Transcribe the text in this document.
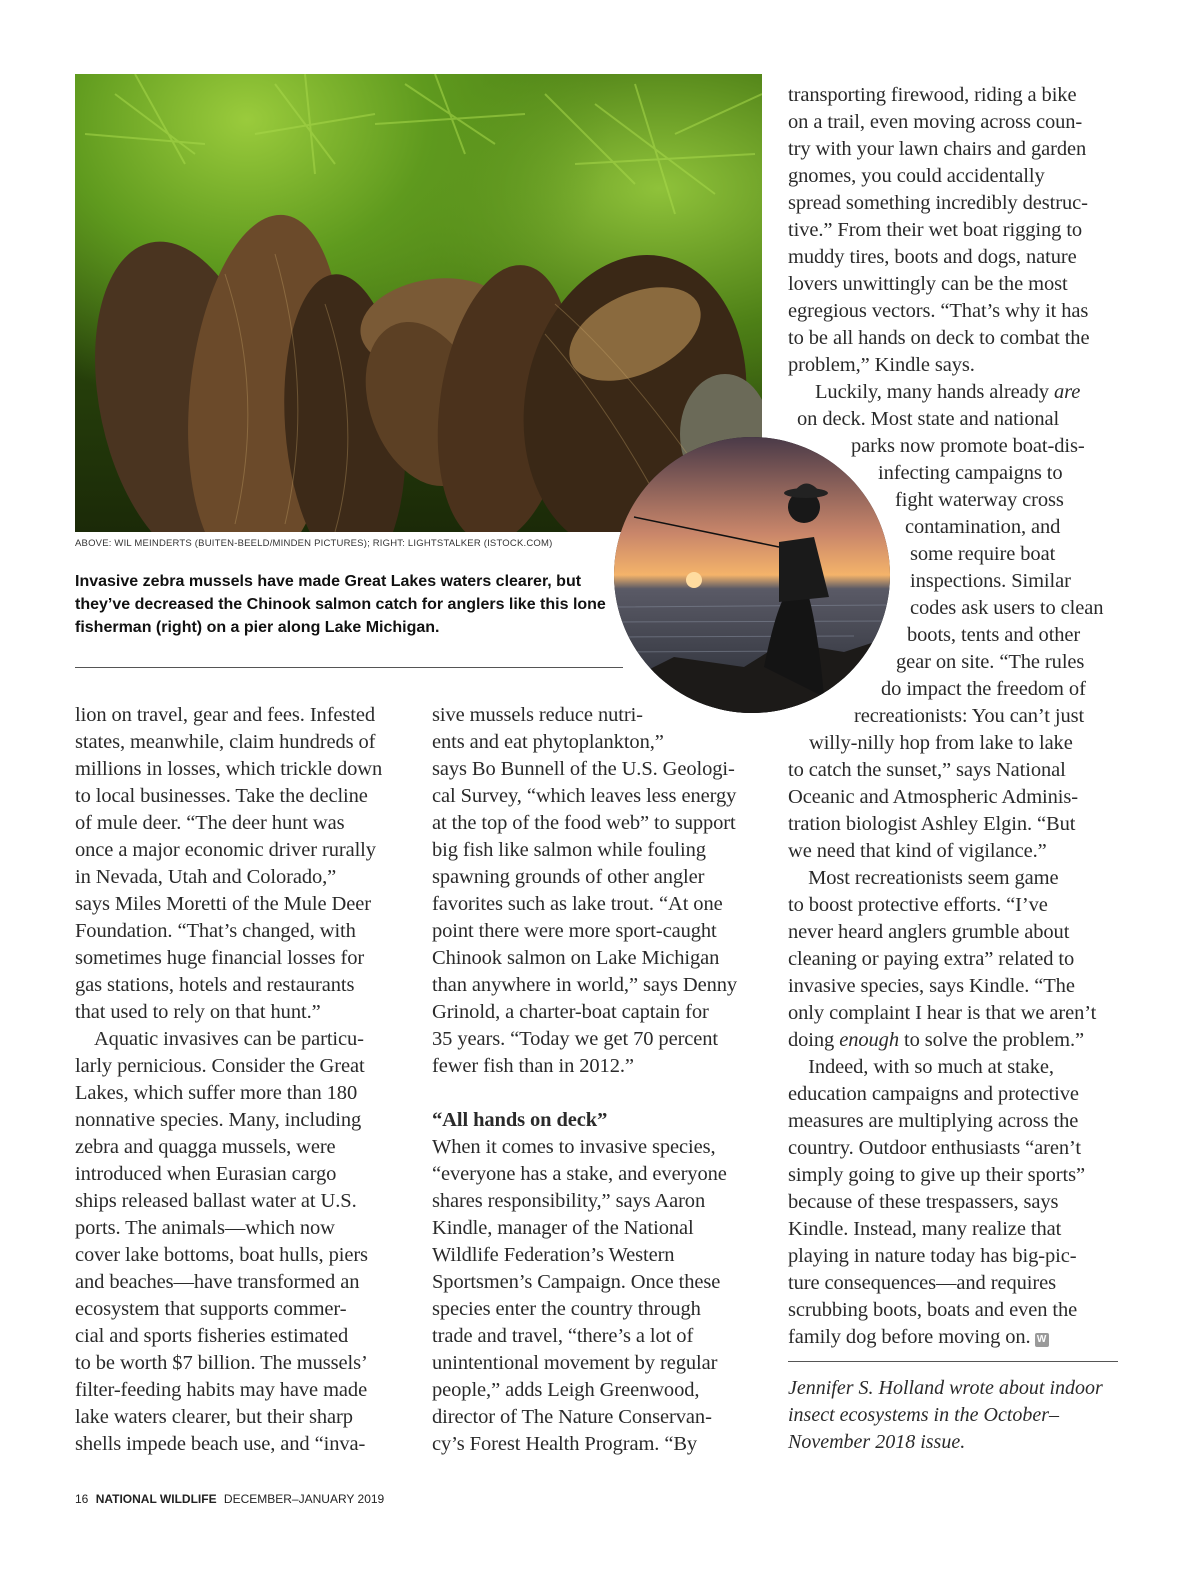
ABOVE: WIL MEINDERTS (BUITEN-BEELD/MINDEN PICTURES); RIGHT: LIGHTSTALKER (ISTOCK.COM)
Invasive zebra mussels have made Great Lakes waters clearer, but they’ve decreased the Chinook salmon catch for anglers like this lone fisherman (right) on a pier along Lake Michigan.
lion on travel, gear and fees. Infested
states, meanwhile, claim hundreds of
millions in losses, which trickle down
to local businesses. Take the decline
of mule deer. “The deer hunt was
once a major economic driver rurally
in Nevada, Utah and Colorado,”
says Miles Moretti of the Mule Deer
Foundation. “That’s changed, with
sometimes huge financial losses for
gas stations, hotels and restaurants
that used to rely on that hunt.”
Aquatic invasives can be particu-
larly pernicious. Consider the Great
Lakes, which suffer more than 180
nonnative species. Many, including
zebra and quagga mussels, were
introduced when Eurasian cargo
ships released ballast water at U.S.
ports. The animals—which now
cover lake bottoms, boat hulls, piers
and beaches—have transformed an
ecosystem that supports commer-
cial and sports fisheries estimated
to be worth $7 billion. The mussels’
filter-feeding habits may have made
lake waters clearer, but their sharp
shells impede beach use, and “inva-
sive mussels reduce nutri-
ents and eat phytoplankton,”
says Bo Bunnell of the U.S. Geologi-
cal Survey, “which leaves less energy
at the top of the food web” to support
big fish like salmon while fouling
spawning grounds of other angler
favorites such as lake trout. “At one
point there were more sport-caught
Chinook salmon on Lake Michigan
than anywhere in world,” says Denny
Grinold, a charter-boat captain for
35 years. “Today we get 70 percent
fewer fish than in 2012.”
“All hands on deck”
When it comes to invasive species,
“everyone has a stake, and everyone
shares responsibility,” says Aaron
Kindle, manager of the National
Wildlife Federation’s Western
Sportsmen’s Campaign. Once these
species enter the country through
trade and travel, “there’s a lot of
unintentional movement by regular
people,” adds Leigh Greenwood,
director of The Nature Conservan-
cy’s Forest Health Program. “By
transporting firewood, riding a bike
on a trail, even moving across coun-
try with your lawn chairs and garden
gnomes, you could accidentally
spread something incredibly destruc-
tive.” From their wet boat rigging to
muddy tires, boots and dogs, nature
lovers unwittingly can be the most
egregious vectors. “That’s why it has
to be all hands on deck to combat the
problem,” Kindle says.
Luckily, many hands already are
on deck. Most state and national
parks now promote boat-dis-
infecting campaigns to
fight waterway cross
contamination, and
some require boat
inspections. Similar
codes ask users to clean
boots, tents and other
gear on site. “The rules
do impact the freedom of
recreationists: You can’t just
willy-nilly hop from lake to lake
to catch the sunset,” says National
Oceanic and Atmospheric Adminis-
tration biologist Ashley Elgin. “But
we need that kind of vigilance.”
Most recreationists seem game
to boost protective efforts. “I’ve
never heard anglers grumble about
cleaning or paying extra” related to
invasive species, says Kindle. “The
only complaint I hear is that we aren’t
doing enough to solve the problem.”
Indeed, with so much at stake,
education campaigns and protective
measures are multiplying across the
country. Outdoor enthusiasts “aren’t
simply going to give up their sports”
because of these trespassers, says
Kindle. Instead, many realize that
playing in nature today has big-pic-
ture consequences—and requires
scrubbing boots, boats and even the
family dog before moving on. W
Jennifer S. Holland wrote about indoor insect ecosystems in the October–November 2018 issue.
16 NATIONAL WILDLIFE DECEMBER–JANUARY 2019
